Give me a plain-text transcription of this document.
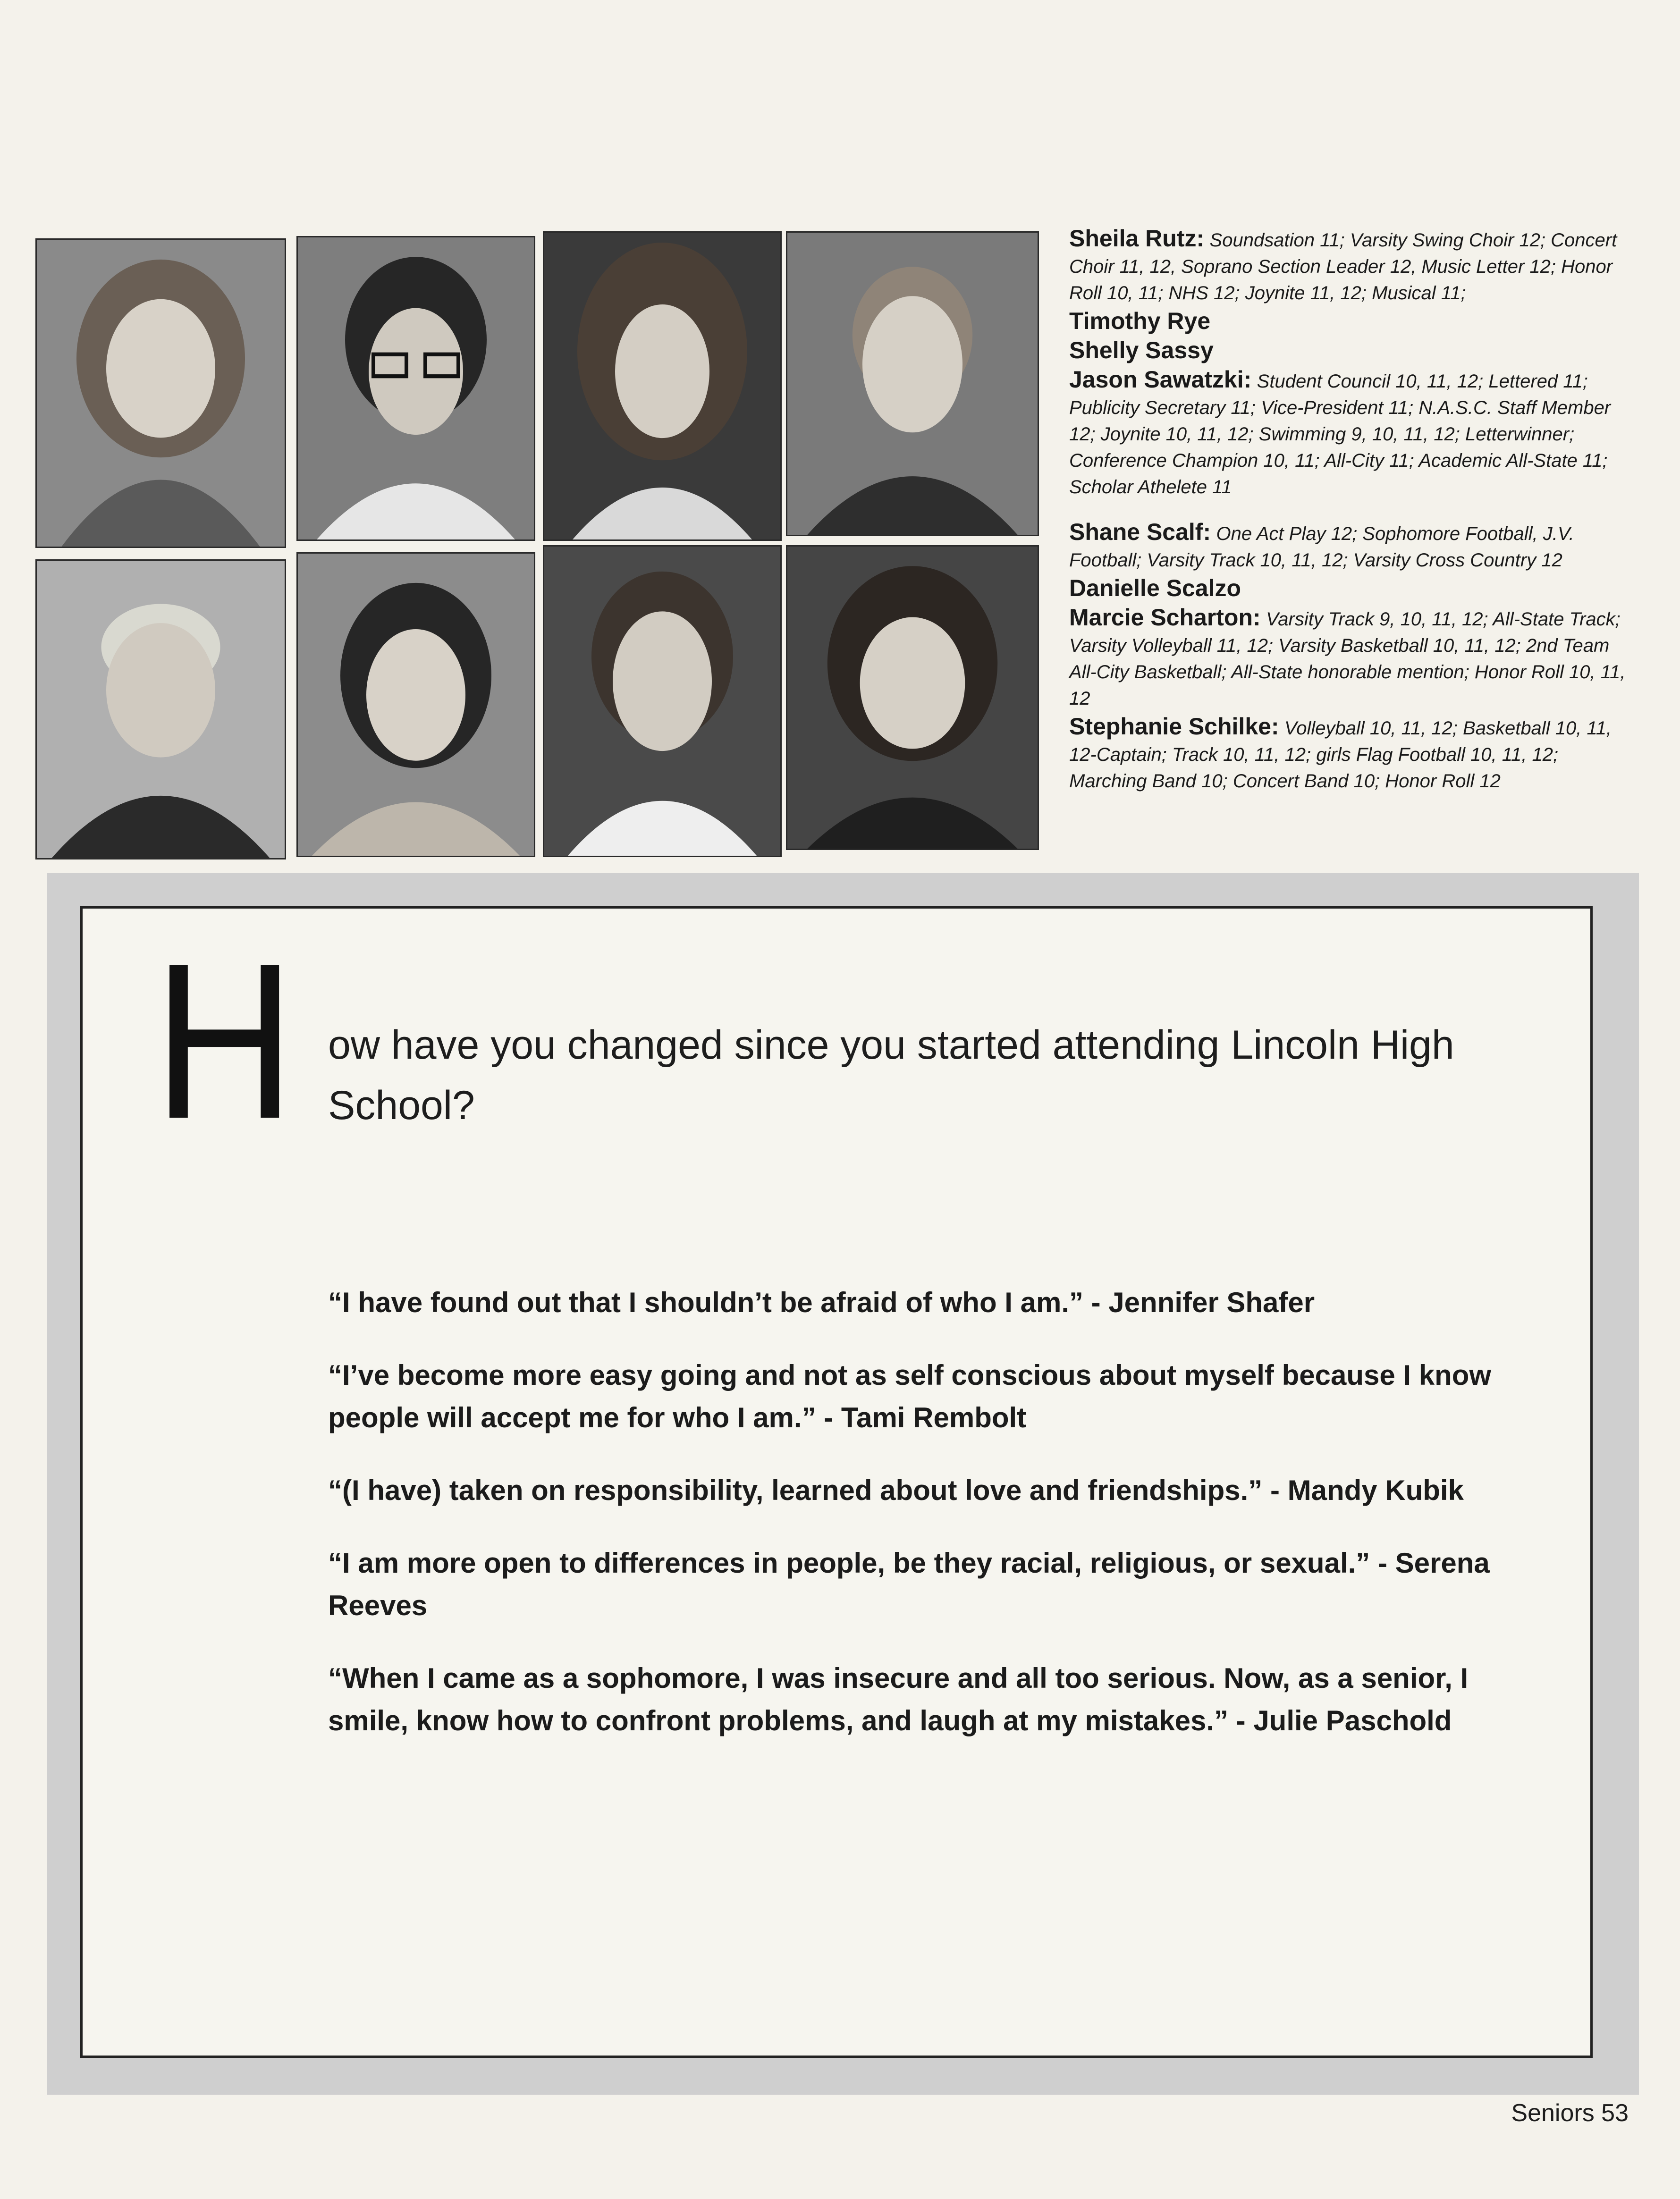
Sheila Rutz: Soundsation 11; Varsity Swing Choir 12; Concert Choir 11, 12, Soprano Section Leader 12, Music Letter 12; Honor Roll 10, 11; NHS 12; Joynite 11, 12; Musical 11;

Timothy Rye

Shelly Sassy

Jason Sawatzki: Student Council 10, 11, 12; Lettered 11; Publicity Secretary 11; Vice-President 11; N.A.S.C. Staff Member 12; Joynite 10, 11, 12; Swimming 9, 10, 11, 12; Letterwinner; Conference Champion 10, 11; All-City 11; Academic All-State 11; Scholar Athelete 11

Shane Scalf: One Act Play 12; Sophomore Football, J.V. Football; Varsity Track 10, 11, 12; Varsity Cross Country 12

Danielle Scalzo

Marcie Scharton: Varsity Track 9, 10, 11, 12; All-State Track; Varsity Volleyball 11, 12; Varsity Basketball 10, 11, 12; 2nd Team All-City Basketball; All-State honorable mention; Honor Roll 10, 11, 12

Stephanie Schilke: Volleyball 10, 11, 12; Basketball 10, 11, 12-Captain; Track 10, 11, 12; girls Flag Football 10, 11, 12; Marching Band 10; Concert Band 10; Honor Roll 12

H ow have you changed since you started attending Lincoln High School?

“I have found out that I shouldn’t be afraid of who I am.” - Jennifer Shafer

“I’ve become more easy going and not as self conscious about myself because I know people will accept me for who I am.” - Tami Rembolt

“(I have) taken on responsibility, learned about love and friendships.” - Mandy Kubik

“I am more open to differences in people, be they racial, religious, or sexual.” - Serena Reeves

“When I came as a sophomore, I was insecure and all too serious. Now, as a senior, I smile, know how to confront problems, and laugh at my mistakes.” - Julie Paschold

Seniors 53
